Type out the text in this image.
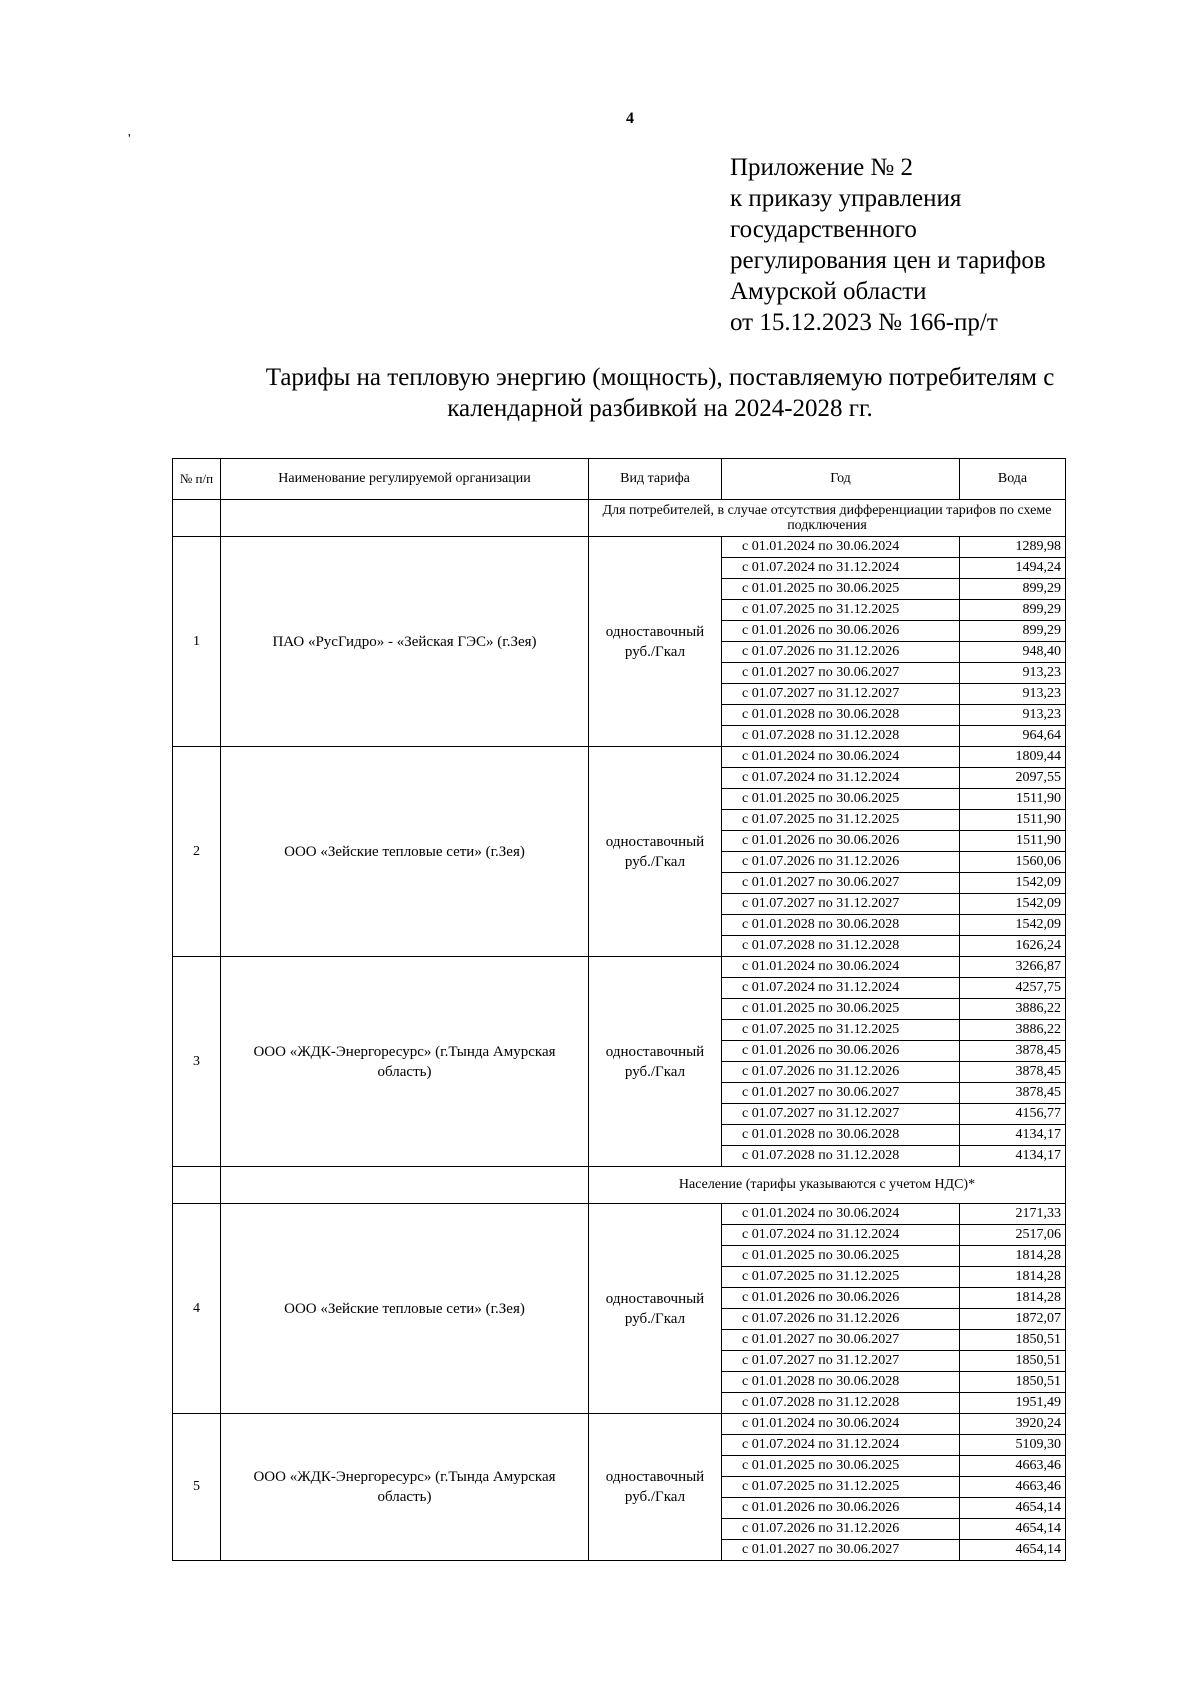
4
'
Приложение № 2
к приказу управления
государственного
регулирования цен и тарифов
Амурской области
от 15.12.2023 № 166-пр/т
Тарифы на тепловую энергию (мощность), поставляемую потребителям с
календарной разбивкой на 2024-2028 гг.
№ п/п	Наименование регулируемой организации	Вид тарифа	Год	Вода
		Для потребителей, в случае отсутствия дифференциации тарифов по схеме подключения		
1	ПАО «РусГидро» - «Зейская ГЭС» (г.Зея)	одноставочный руб./Гкал	с 01.01.2024 по 30.06.2024	1289,98
			с 01.07.2024 по 31.12.2024	1494,24
			с 01.01.2025 по 30.06.2025	899,29
			с 01.07.2025 по 31.12.2025	899,29
			с 01.01.2026 по 30.06.2026	899,29
			с 01.07.2026 по 31.12.2026	948,40
			с 01.01.2027 по 30.06.2027	913,23
			с 01.07.2027 по 31.12.2027	913,23
			с 01.01.2028 по 30.06.2028	913,23
			с 01.07.2028 по 31.12.2028	964,64
2	ООО «Зейские тепловые сети» (г.Зея)	одноставочный руб./Гкал	с 01.01.2024 по 30.06.2024	1809,44
			с 01.07.2024 по 31.12.2024	2097,55
			с 01.01.2025 по 30.06.2025	1511,90
			с 01.07.2025 по 31.12.2025	1511,90
			с 01.01.2026 по 30.06.2026	1511,90
			с 01.07.2026 по 31.12.2026	1560,06
			с 01.01.2027 по 30.06.2027	1542,09
			с 01.07.2027 по 31.12.2027	1542,09
			с 01.01.2028 по 30.06.2028	1542,09
			с 01.07.2028 по 31.12.2028	1626,24
3	ООО «ЖДК-Энергоресурс» (г.Тында Амурская область)	одноставочный руб./Гкал	с 01.01.2024 по 30.06.2024	3266,87
			с 01.07.2024 по 31.12.2024	4257,75
			с 01.01.2025 по 30.06.2025	3886,22
			с 01.07.2025 по 31.12.2025	3886,22
			с 01.01.2026 по 30.06.2026	3878,45
			с 01.07.2026 по 31.12.2026	3878,45
			с 01.01.2027 по 30.06.2027	3878,45
			с 01.07.2027 по 31.12.2027	4156,77
			с 01.01.2028 по 30.06.2028	4134,17
			с 01.07.2028 по 31.12.2028	4134,17
		Население (тарифы указываются с учетом НДС)*		
4	ООО «Зейские тепловые сети» (г.Зея)	одноставочный руб./Гкал	с 01.01.2024 по 30.06.2024	2171,33
			с 01.07.2024 по 31.12.2024	2517,06
			с 01.01.2025 по 30.06.2025	1814,28
			с 01.07.2025 по 31.12.2025	1814,28
			с 01.01.2026 по 30.06.2026	1814,28
			с 01.07.2026 по 31.12.2026	1872,07
			с 01.01.2027 по 30.06.2027	1850,51
			с 01.07.2027 по 31.12.2027	1850,51
			с 01.01.2028 по 30.06.2028	1850,51
			с 01.07.2028 по 31.12.2028	1951,49
5	ООО «ЖДК-Энергоресурс» (г.Тында Амурская область)	одноставочный руб./Гкал	с 01.01.2024 по 30.06.2024	3920,24
			с 01.07.2024 по 31.12.2024	5109,30
			с 01.01.2025 по 30.06.2025	4663,46
			с 01.07.2025 по 31.12.2025	4663,46
			с 01.01.2026 по 30.06.2026	4654,14
			с 01.07.2026 по 31.12.2026	4654,14
			с 01.01.2027 по 30.06.2027	4654,14
